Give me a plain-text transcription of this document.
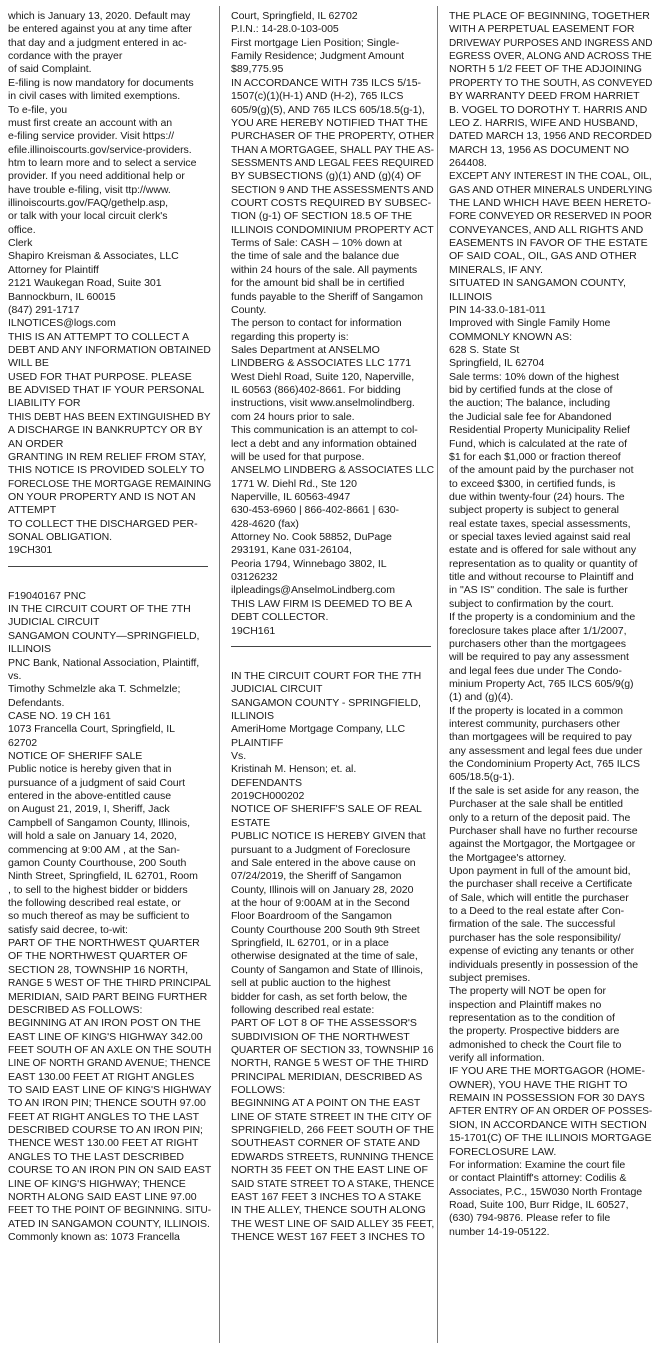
which is January 13, 2020. Default may
be entered against you at any time after
that day and a judgment entered in ac-
cordance with the prayer
of said Complaint.
E-filing is now mandatory for documents
in civil cases with limited exemptions.
To e-file, you
must first create an account with an
e-filing service provider. Visit https://
efile.illinoiscourts.gov/service-providers.
htm to learn more and to select a service
provider. If you need additional help or
have trouble e-filing, visit ttp://www.
illinoiscourts.gov/FAQ/gethelp.asp,
or talk with your local circuit clerk's
office.
Clerk
Shapiro Kreisman & Associates, LLC
Attorney for Plaintiff
2121 Waukegan Road, Suite 301
Bannockburn, IL 60015
(847) 291-1717
ILNOTICES@logs.com
THIS IS AN ATTEMPT TO COLLECT A
DEBT AND ANY INFORMATION OBTAINED
WILL BE
USED FOR THAT PURPOSE. PLEASE
BE ADVISED THAT IF YOUR PERSONAL
LIABILITY FOR
THIS DEBT HAS BEEN EXTINGUISHED BY
A DISCHARGE IN BANKRUPTCY OR BY
AN ORDER
GRANTING IN REM RELIEF FROM STAY,
THIS NOTICE IS PROVIDED SOLELY TO
FORECLOSE THE MORTGAGE REMAINING
ON YOUR PROPERTY AND IS NOT AN
ATTEMPT
TO COLLECT THE DISCHARGED PER-
SONAL OBLIGATION.
19CH301
F19040167 PNC
IN THE CIRCUIT COURT OF THE 7TH
JUDICIAL CIRCUIT
SANGAMON COUNTY—SPRINGFIELD,
ILLINOIS
PNC Bank, National Association, Plaintiff,
vs.
Timothy Schmelzle aka T. Schmelzle;
Defendants.
CASE NO. 19 CH 161
1073 Francella Court, Springfield, IL
62702
NOTICE OF SHERIFF SALE
Public notice is hereby given that in
pursuance of a judgment of said Court
entered in the above-entitled cause
on August 21, 2019, I, Sheriff, Jack
Campbell of Sangamon County, Illinois,
will hold a sale on January 14, 2020,
commencing at 9:00 AM , at the San-
gamon County Courthouse, 200 South
Ninth Street, Springfield, IL 62701, Room
, to sell to the highest bidder or bidders
the following described real estate, or
so much thereof as may be sufficient to
satisfy said decree, to-wit:
PART OF THE NORTHWEST QUARTER
OF THE NORTHWEST QUARTER OF
SECTION 28, TOWNSHIP 16 NORTH,
RANGE 5 WEST OF THE THIRD PRINCIPAL
MERIDIAN, SAID PART BEING FURTHER
DESCRIBED AS FOLLOWS:
BEGINNING AT AN IRON POST ON THE
EAST LINE OF KING'S HIGHWAY 342.00
FEET SOUTH OF AN AXLE ON THE SOUTH
LINE OF NORTH GRAND AVENUE; THENCE
EAST 130.00 FEET AT RIGHT ANGLES
TO SAID EAST LINE OF KING'S HIGHWAY
TO AN IRON PIN; THENCE SOUTH 97.00
FEET AT RIGHT ANGLES TO THE LAST
DESCRIBED COURSE TO AN IRON PIN;
THENCE WEST 130.00 FEET AT RIGHT
ANGLES TO THE LAST DESCRIBED
COURSE TO AN IRON PIN ON SAID EAST
LINE OF KING'S HIGHWAY; THENCE
NORTH ALONG SAID EAST LINE 97.00
FEET TO THE POINT OF BEGINNING. SITU-
ATED IN SANGAMON COUNTY, ILLINOIS.
Commonly known as: 1073 Francella
Court, Springfield, IL 62702
P.I.N.: 14-28.0-103-005
First mortgage Lien Position; Single-
Family Residence; Judgment Amount
$89,775.95
IN ACCORDANCE WITH 735 ILCS 5/15-
1507(c)(1)(H-1) AND (H-2), 765 ILCS
605/9(g)(5), AND 765 ILCS 605/18.5(g-1),
YOU ARE HEREBY NOTIFIED THAT THE
PURCHASER OF THE PROPERTY, OTHER
THAN A MORTGAGEE, SHALL PAY THE AS-
SESSMENTS AND LEGAL FEES REQUIRED
BY SUBSECTIONS (g)(1) AND (g)(4) OF
SECTION 9 AND THE ASSESSMENTS AND
COURT COSTS REQUIRED BY SUBSEC-
TION (g-1) OF SECTION 18.5 OF THE
ILLINOIS CONDOMINIUM PROPERTY ACT
Terms of Sale: CASH – 10% down at
the time of sale and the balance due
within 24 hours of the sale. All payments
for the amount bid shall be in certified
funds payable to the Sheriff of Sangamon
County.
The person to contact for information
regarding this property is:
Sales Department at ANSELMO
LINDBERG & ASSOCIATES LLC 1771
West Diehl Road, Suite 120, Naperville,
IL 60563 (866)402-8661. For bidding
instructions, visit www.anselmolindberg.
com 24 hours prior to sale.
This communication is an attempt to col-
lect a debt and any information obtained
will be used for that purpose.
ANSELMO LINDBERG & ASSOCIATES LLC
1771 W. Diehl Rd., Ste 120
Naperville, IL 60563-4947
630-453-6960 | 866-402-8661 | 630-
428-4620 (fax)
Attorney No. Cook 58852, DuPage
293191, Kane 031-26104,
Peoria 1794, Winnebago 3802, IL
03126232
ilpleadings@AnselmoLindberg.com
THIS LAW FIRM IS DEEMED TO BE A
DEBT COLLECTOR.
19CH161
IN THE CIRCUIT COURT FOR THE 7TH
JUDICIAL CIRCUIT
SANGAMON COUNTY - SPRINGFIELD,
ILLINOIS
AmeriHome Mortgage Company, LLC
PLAINTIFF
Vs.
Kristinah M. Henson; et. al.
DEFENDANTS
2019CH000202
NOTICE OF SHERIFF'S SALE OF REAL
ESTATE
PUBLIC NOTICE IS HEREBY GIVEN that
pursuant to a Judgment of Foreclosure
and Sale entered in the above cause on
07/24/2019, the Sheriff of Sangamon
County, Illinois will on January 28, 2020
at the hour of 9:00AM at in the Second
Floor Boardroom of the Sangamon
County Courthouse 200 South 9th Street
Springfield, IL 62701, or in a place
otherwise designated at the time of sale,
County of Sangamon and State of Illinois,
sell at public auction to the highest
bidder for cash, as set forth below, the
following described real estate:
PART OF LOT 8 OF THE ASSESSOR'S
SUBDIVISION OF THE NORTHWEST
QUARTER OF SECTION 33, TOWNSHIP 16
NORTH, RANGE 5 WEST OF THE THIRD
PRINCIPAL MERIDIAN, DESCRIBED AS
FOLLOWS:
BEGINNING AT A POINT ON THE EAST
LINE OF STATE STREET IN THE CITY OF
SPRINGFIELD, 266 FEET SOUTH OF THE
SOUTHEAST CORNER OF STATE AND
EDWARDS STREETS, RUNNING THENCE
NORTH 35 FEET ON THE EAST LINE OF
SAID STATE STREET TO A STAKE, THENCE
EAST 167 FEET 3 INCHES TO A STAKE
IN THE ALLEY, THENCE SOUTH ALONG
THE WEST LINE OF SAID ALLEY 35 FEET,
THENCE WEST 167 FEET 3 INCHES TO
THE PLACE OF BEGINNING, TOGETHER
WITH A PERPETUAL EASEMENT FOR
DRIVEWAY PURPOSES AND INGRESS AND
EGRESS OVER, ALONG AND ACROSS THE
NORTH 5 1/2 FEET OF THE ADJOINING
PROPERTY TO THE SOUTH, AS CONVEYED
BY WARRANTY DEED FROM HARRIET
B. VOGEL TO DOROTHY T. HARRIS AND
LEO Z. HARRIS, WIFE AND HUSBAND,
DATED MARCH 13, 1956 AND RECORDED
MARCH 13, 1956 AS DOCUMENT NO
264408.
EXCEPT ANY INTEREST IN THE COAL, OIL,
GAS AND OTHER MINERALS UNDERLYING
THE LAND WHICH HAVE BEEN HERETO-
FORE CONVEYED OR RESERVED IN POOR
CONVEYANCES, AND ALL RIGHTS AND
EASEMENTS IN FAVOR OF THE ESTATE
OF SAID COAL, OIL, GAS AND OTHER
MINERALS, IF ANY.
SITUATED IN SANGAMON COUNTY,
ILLINOIS
PIN 14-33.0-181-011
Improved with Single Family Home
COMMONLY KNOWN AS:
628 S. State St
Springfield, IL 62704
Sale terms: 10% down of the highest
bid by certified funds at the close of
the auction; The balance, including
the Judicial sale fee for Abandoned
Residential Property Municipality Relief
Fund, which is calculated at the rate of
$1 for each $1,000 or fraction thereof
of the amount paid by the purchaser not
to exceed $300, in certified funds, is
due within twenty-four (24) hours. The
subject property is subject to general
real estate taxes, special assessments,
or special taxes levied against said real
estate and is offered for sale without any
representation as to quality or quantity of
title and without recourse to Plaintiff and
in "AS IS" condition. The sale is further
subject to confirmation by the court.
If the property is a condominium and the
foreclosure takes place after 1/1/2007,
purchasers other than the mortgagees
will be required to pay any assessment
and legal fees due under The Condo-
minium Property Act, 765 ILCS 605/9(g)
(1) and (g)(4).
If the property is located in a common
interest community, purchasers other
than mortgagees will be required to pay
any assessment and legal fees due under
the Condominium Property Act, 765 ILCS
605/18.5(g-1).
If the sale is set aside for any reason, the
Purchaser at the sale shall be entitled
only to a return of the deposit paid. The
Purchaser shall have no further recourse
against the Mortgagor, the Mortgagee or
the Mortgagee's attorney.
Upon payment in full of the amount bid,
the purchaser shall receive a Certificate
of Sale, which will entitle the purchaser
to a Deed to the real estate after Con-
firmation of the sale. The successful
purchaser has the sole responsibility/
expense of evicting any tenants or other
individuals presently in possession of the
subject premises.
The property will NOT be open for
inspection and Plaintiff makes no
representation as to the condition of
the property. Prospective bidders are
admonished to check the Court file to
verify all information.
IF YOU ARE THE MORTGAGOR (HOME-
OWNER), YOU HAVE THE RIGHT TO
REMAIN IN POSSESSION FOR 30 DAYS
AFTER ENTRY OF AN ORDER OF POSSES-
SION, IN ACCORDANCE WITH SECTION
15-1701(C) OF THE ILLINOIS MORTGAGE
FORECLOSURE LAW.
For information: Examine the court file
or contact Plaintiff's attorney: Codilis &
Associates, P.C., 15W030 North Frontage
Road, Suite 100, Burr Ridge, IL 60527,
(630) 794-9876. Please refer to file
number 14-19-05122.
